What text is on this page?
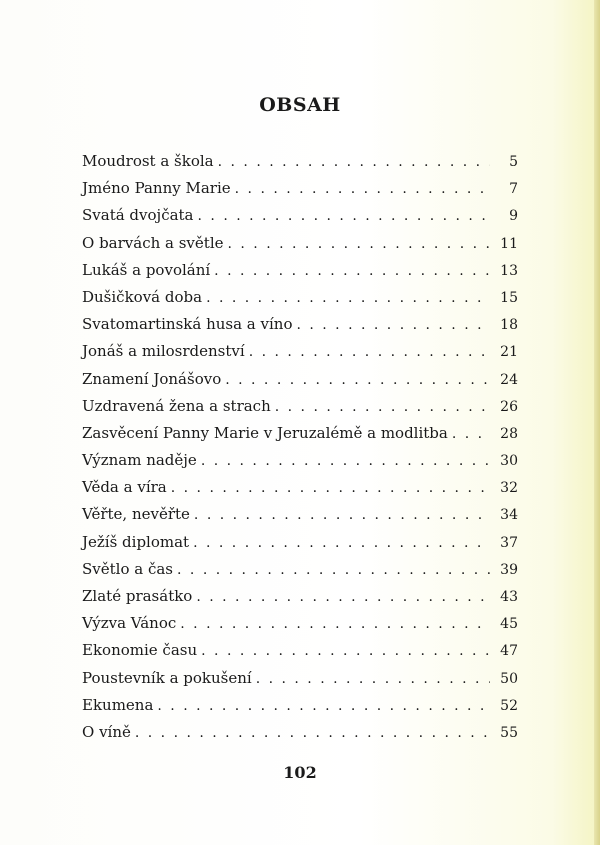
OBSAH
Moudrost a škola . . .	5
Jméno Panny Marie . . .	7
Svatá dvojčata . . .	9
O barvách a světle . . .	11
Lukáš a povolání . . .	13
Dušičková doba . . .	15
Svatomartinská husa a víno . . .	18
Jonáš a milosrdenství . . .	21
Znamení Jonášovo . . .	24
Uzdravená žena a strach . . .	26
Zasvěcení Panny Marie v Jeruzalémě a modlitba . . .	28
Význam naděje . . .	30
Věda a víra . . .	32
Věřte, nevěřte . . .	34
Ježíš diplomat . . .	37
Světlo a čas . . .	39
Zlaté prasátko . . .	43
Výzva Vánoc . . .	45
Ekonomie času . . .	47
Poustevník a pokušení . . .	50
Ekumena . . .	52
O víně . . .	55
102
